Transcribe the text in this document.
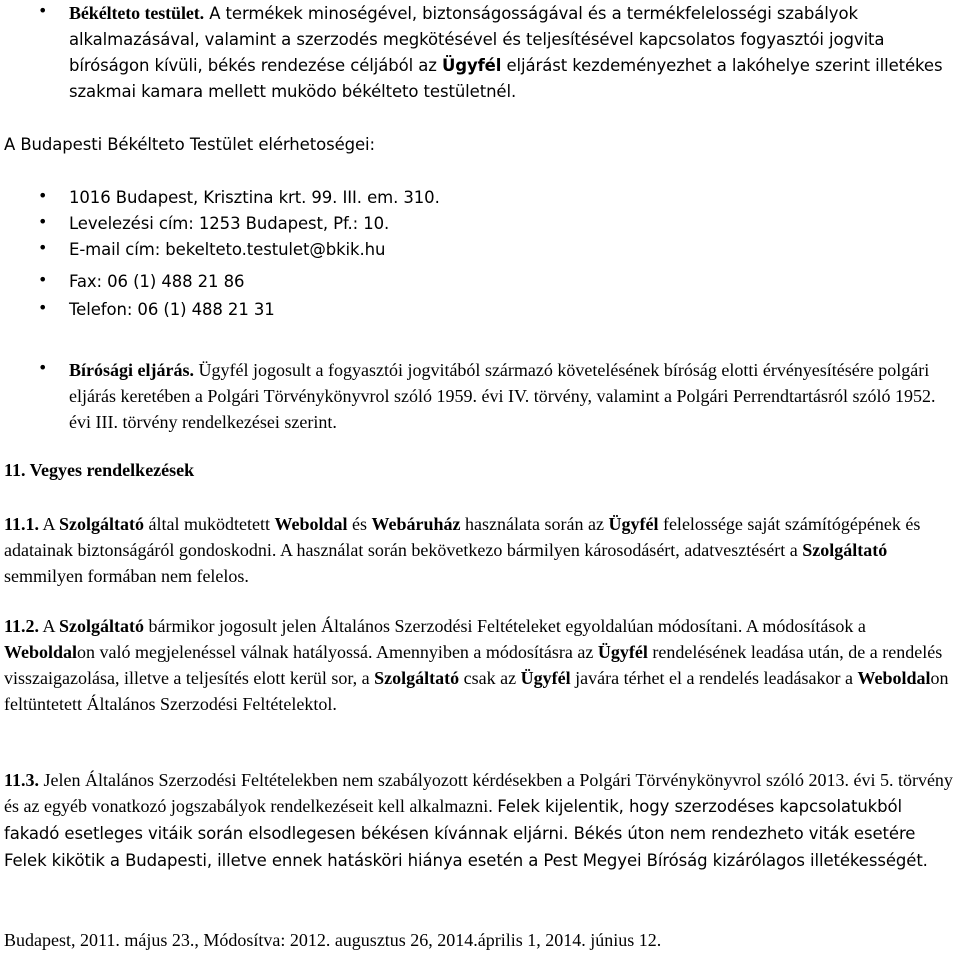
•
Békélteto testület. A termékek minoségével, biztonságosságával és a termékfelelosségi szabályok alkalmazásával, valamint a szerzodés megkötésével és teljesítésével kapcsolatos fogyasztói jogvita bíróságon kívüli, békés rendezése céljából az Ügyfél eljárást kezdeményezhet a lakóhelye szerint illetékes szakmai kamara mellett muködo békélteto testületnél.
A Budapesti Békélteto Testület elérhetoségei:
•
1016 Budapest, Krisztina krt. 99. III. em. 310.
•
Levelezési cím: 1253 Budapest, Pf.: 10.
•
E-mail cím: bekelteto.testulet@bkik.hu
•
Fax: 06 (1) 488 21 86
•
Telefon: 06 (1) 488 21 31
•
Bírósági eljárás. Ügyfél jogosult a fogyasztói jogvitából származó követelésének bíróság elotti érvényesítésére polgári eljárás keretében a Polgári Törvénykönyvrol szóló 1959. évi IV. törvény, valamint a Polgári Perrendtartásról szóló 1952. évi III. törvény rendelkezései szerint.
11. Vegyes rendelkezések
11.1. A Szolgáltató által muködtetett Weboldal és Webáruház használata során az Ügyfél felelossége saját számítógépének és adatainak biztonságáról gondoskodni. A használat során bekövetkezo bármilyen károsodásért, adatvesztésért a Szolgáltató semmilyen formában nem felelos.
11.2. A Szolgáltató bármikor jogosult jelen Általános Szerzodési Feltételeket egyoldalúan módosítani. A módosítások a Weboldalon való megjelenéssel válnak hatályossá. Amennyiben a módosításra az Ügyfél rendelésének leadása után, de a rendelés visszaigazolása, illetve a teljesítés elott kerül sor, a Szolgáltató csak az Ügyfél javára térhet el a rendelés leadásakor a Weboldalon feltüntetett Általános Szerzodési Feltételektol.
11.3. Jelen Általános Szerzodési Feltételekben nem szabályozott kérdésekben a Polgári Törvénykönyvrol szóló 2013. évi 5. törvény és az egyéb vonatkozó jogszabályok rendelkezéseit kell alkalmazni. Felek kijelentik, hogy szerzodéses kapcsolatukból fakadó esetleges vitáik során elsodlegesen békésen kívánnak eljárni. Békés úton nem rendezheto viták esetére Felek kikötik a Budapesti, illetve ennek hatásköri hiánya esetén a Pest Megyei Bíróság kizárólagos illetékességét.
Budapest, 2011. május 23., Módosítva: 2012. augusztus 26, 2014.április 1, 2014. június 12.
